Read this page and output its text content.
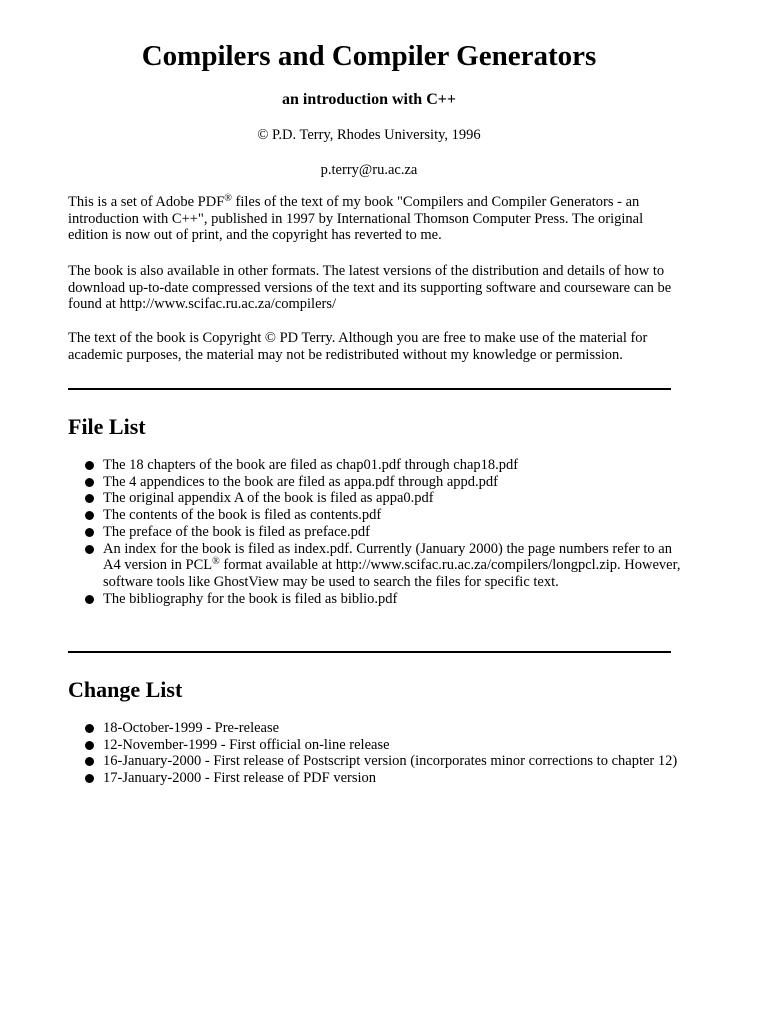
Compilers and Compiler Generators
an introduction with C++
© P.D. Terry, Rhodes University, 1996
p.terry@ru.ac.za

This is a set of Adobe PDF® files of the text of my book "Compilers and Compiler Generators - an introduction with C++", published in 1997 by International Thomson Computer Press. The original edition is now out of print, and the copyright has reverted to me.

The book is also available in other formats. The latest versions of the distribution and details of how to download up-to-date compressed versions of the text and its supporting software and courseware can be found at http://www.scifac.ru.ac.za/compilers/

The text of the book is Copyright © PD Terry. Although you are free to make use of the material for academic purposes, the material may not be redistributed without my knowledge or permission.

File List
The 18 chapters of the book are filed as chap01.pdf through chap18.pdf
The 4 appendices to the book are filed as appa.pdf through appd.pdf
The original appendix A of the book is filed as appa0.pdf
The contents of the book is filed as contents.pdf
The preface of the book is filed as preface.pdf
An index for the book is filed as index.pdf. Currently (January 2000) the page numbers refer to an A4 version in PCL® format available at http://www.scifac.ru.ac.za/compilers/longpcl.zip. However, software tools like GhostView may be used to search the files for specific text.
The bibliography for the book is filed as biblio.pdf
Change List
18-October-1999 - Pre-release
12-November-1999 - First official on-line release
16-January-2000 - First release of Postscript version (incorporates minor corrections to chapter 12)
17-January-2000 - First release of PDF version
